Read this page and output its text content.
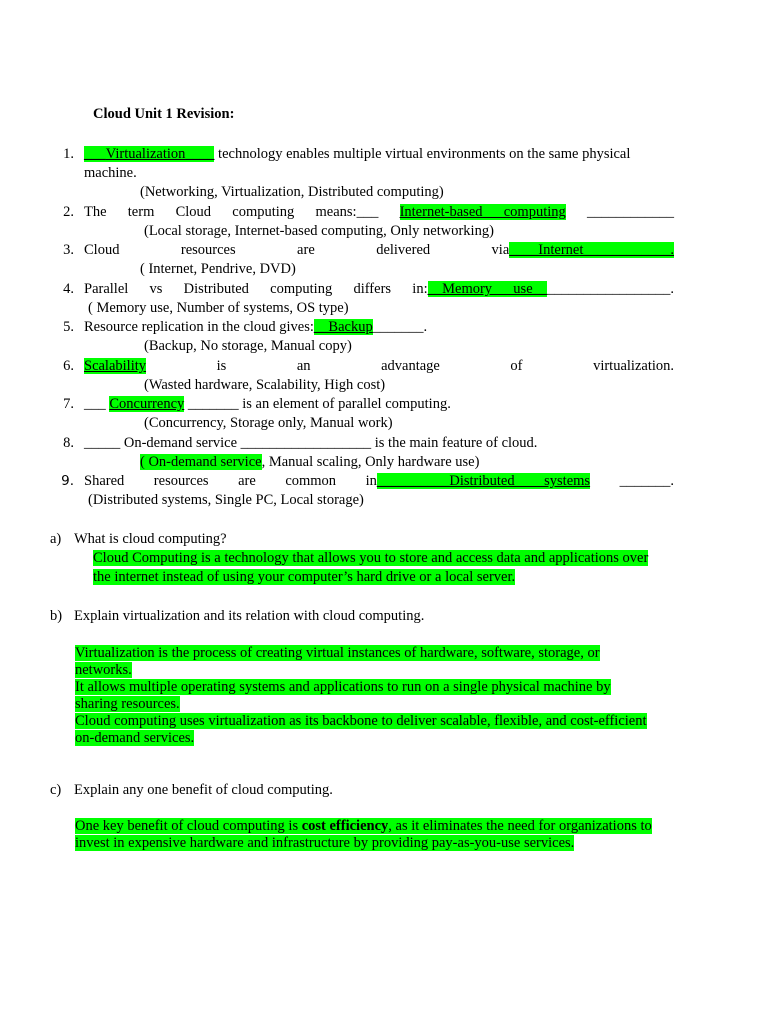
Cloud Unit 1 Revision:
1. ___Virtualization____ technology enables multiple virtual environments on the same physical
machine.
(Networking, Virtualization, Distributed computing)
2. The term Cloud computing means:___ Internet-based computing ____________
(Local storage, Internet-based computing, Only networking)
3. Cloud resources are delivered via____Internet____________.
( Internet, Pendrive, DVD)
4. Parallel vs Distributed computing differs in:__Memory use___________________.
( Memory use, Number of systems, OS type)
5. Resource replication in the cloud gives:__Backup_______.
(Backup, No storage, Manual copy)
6. Scalability is an advantage of virtualization.
(Wasted hardware, Scalability, High cost)
7. ___ Concurrency _______ is an element of parallel computing.
(Concurrency, Storage only, Manual work)
8. _____ On-demand service __________________ is the main feature of cloud.
( On-demand service, Manual scaling, Only hardware use)
9. Shared resources are common in__________Distributed systems _______.
(Distributed systems, Single PC, Local storage)
a) What is cloud computing?
Cloud Computing is a technology that allows you to store and access data and applications over the internet instead of using your computer’s hard drive or a local server.
b) Explain virtualization and its relation with cloud computing.
Virtualization is the process of creating virtual instances of hardware, software, storage, or networks.
It allows multiple operating systems and applications to run on a single physical machine by sharing resources.
Cloud computing uses virtualization as its backbone to deliver scalable, flexible, and cost-efficient on-demand services.
c) Explain any one benefit of cloud computing.
One key benefit of cloud computing is cost efficiency, as it eliminates the need for organizations to invest in expensive hardware and infrastructure by providing pay-as-you-use services.
